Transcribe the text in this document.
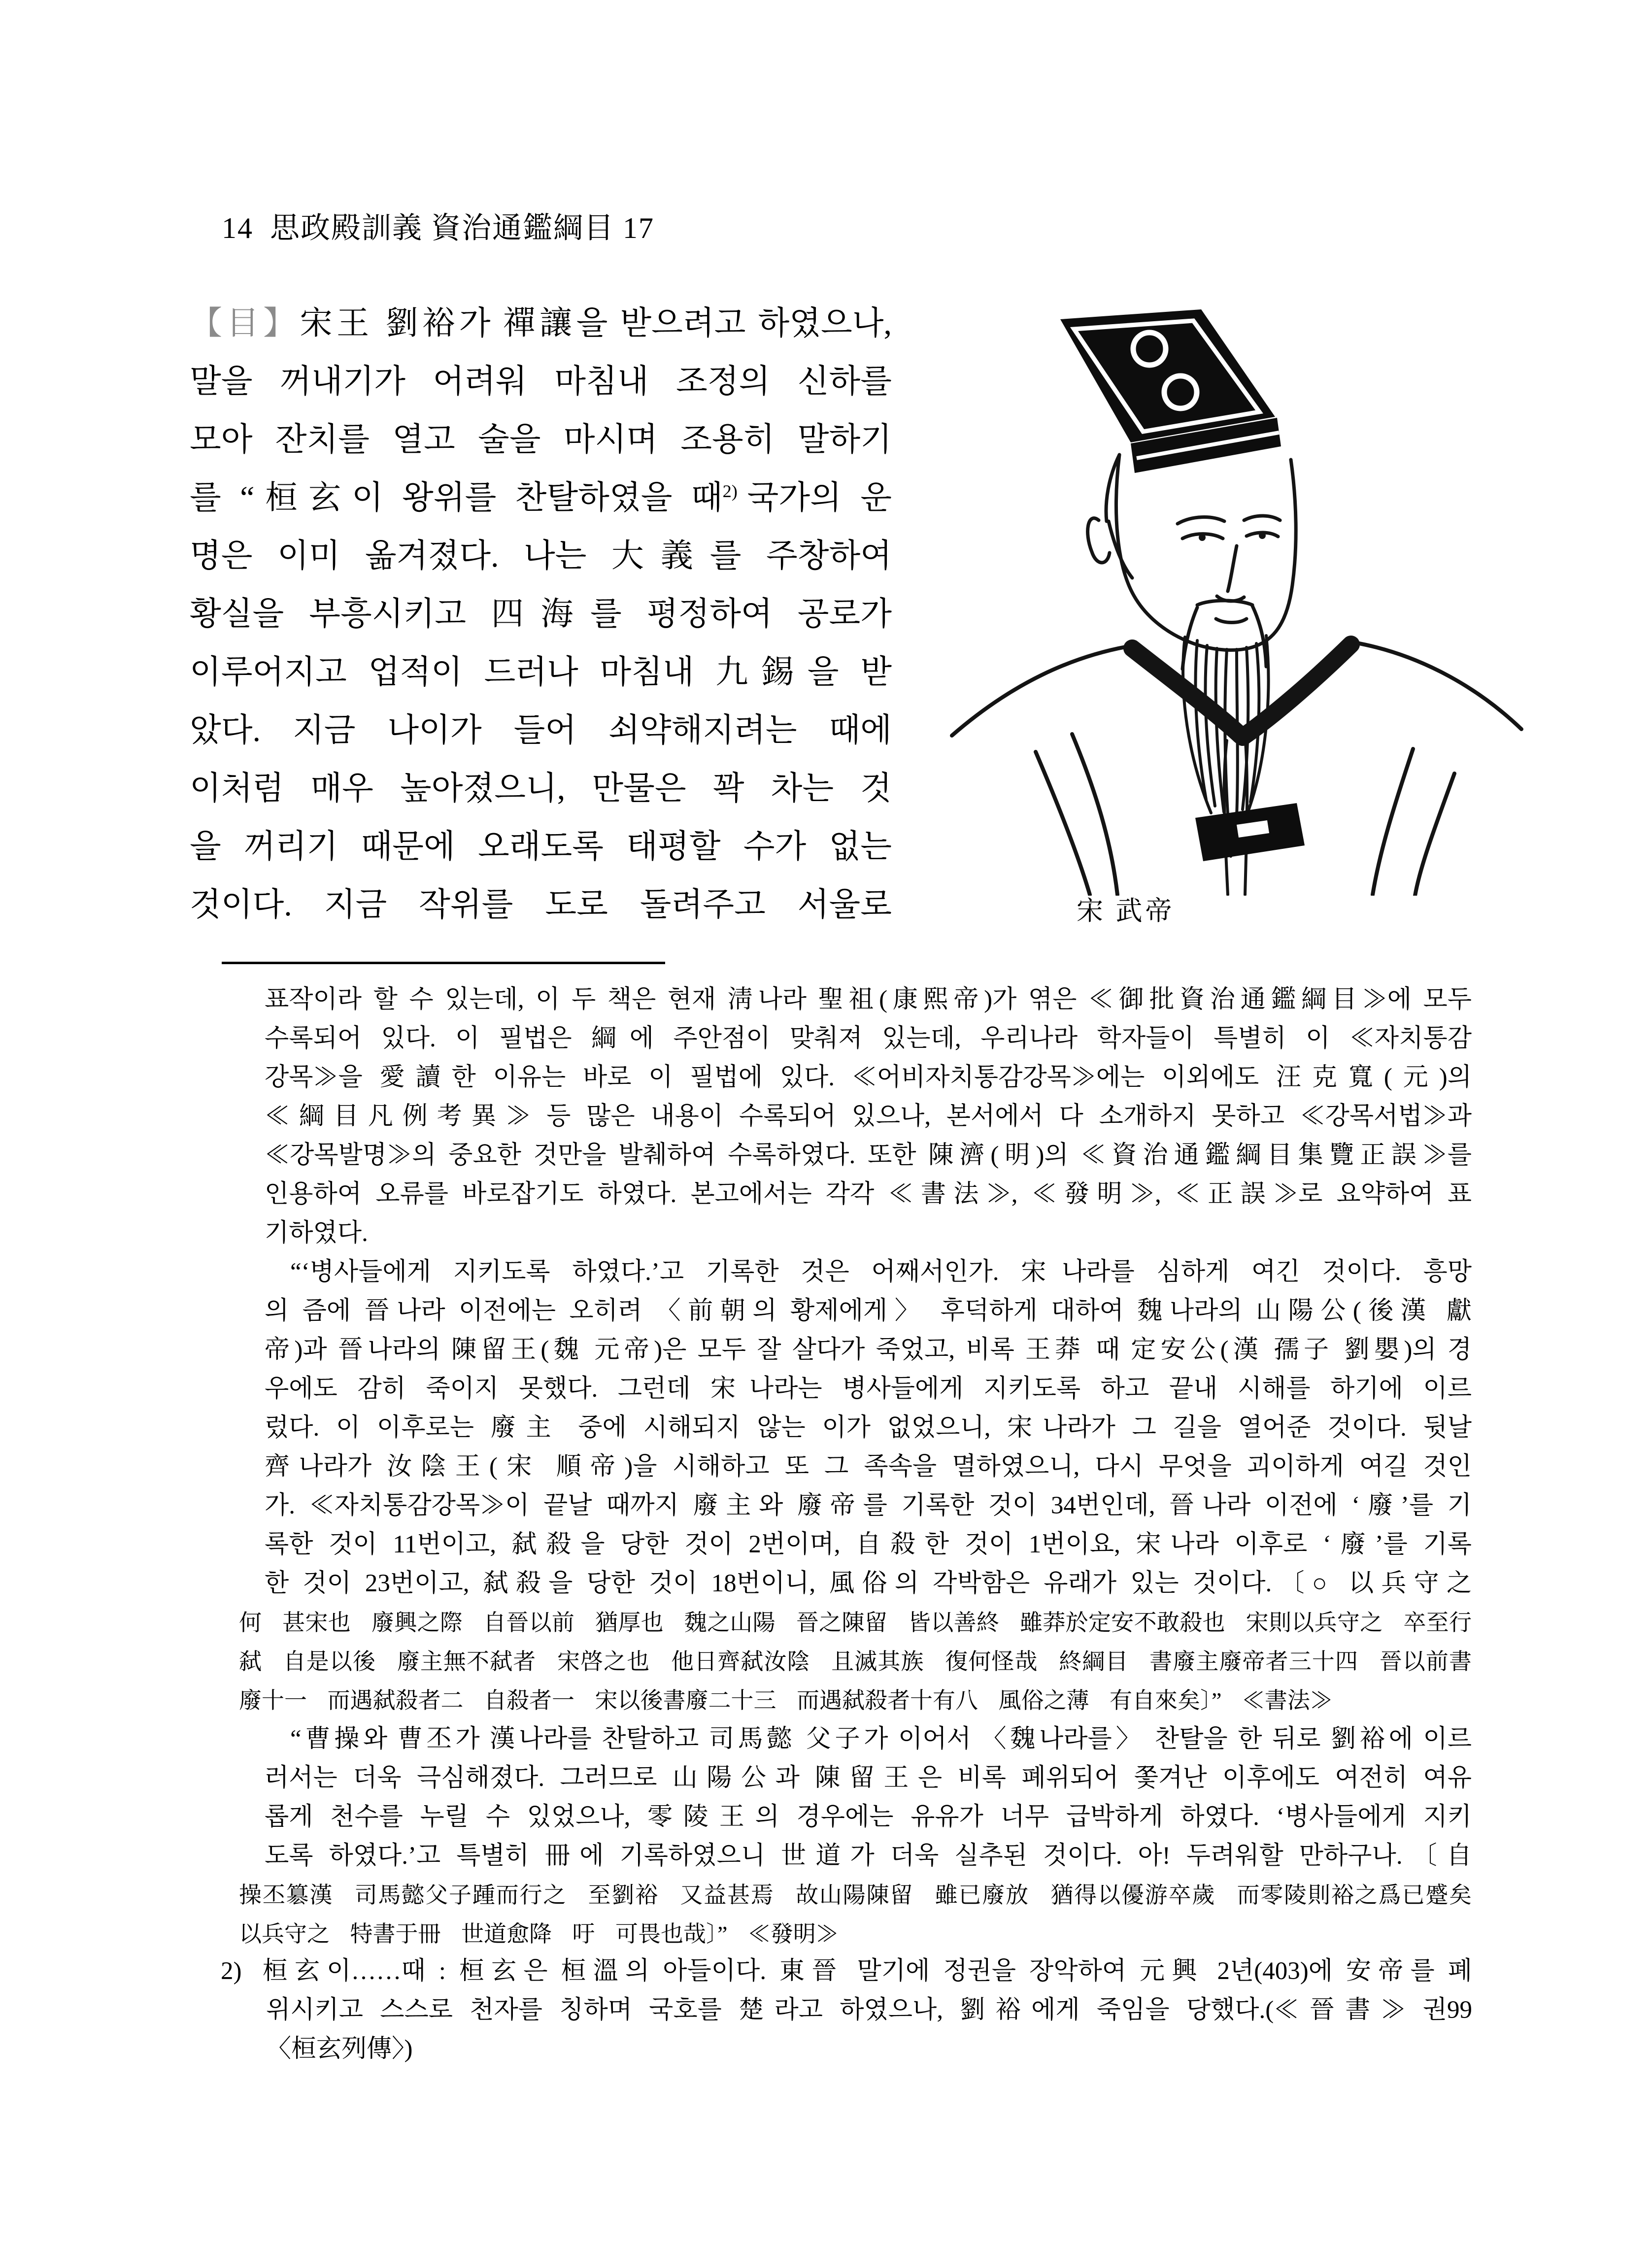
14  思政殿訓義 資治通鑑綱目 17
【目】宋王 劉裕가 禪讓을 받으려고 하였으나,
말을 꺼내기가 어려워 마침내 조정의 신하를
모아 잔치를 열고 술을 마시며 조용히 말하기
를 “桓玄이 왕위를 찬탈하였을 때$^{2)}$ 국가의 운
명은 이미 옮겨졌다. 나는 大義를 주창하여
황실을 부흥시키고 四海를 평정하여 공로가
이루어지고 업적이 드러나 마침내 九錫을 받
았다. 지금 나이가 들어 쇠약해지려는 때에
이처럼 매우 높아졌으니, 만물은 꽉 차는 것
을 꺼리기 때문에 오래도록 태평할 수가 없는
것이다. 지금 작위를 도로 돌려주고 서울로	宋 武帝
표작이라 할 수 있는데, 이 두 책은 현재 淸나라 聖祖(康熙帝)가 엮은 ≪御批資治通鑑綱目≫에 모두
수록되어 있다. 이 필법은 綱에 주안점이 맞춰져 있는데, 우리나라 학자들이 특별히 이 ≪자치통감
강목≫을 愛讀한 이유는 바로 이 필법에 있다. ≪어비자치통감강목≫에는 이외에도 汪克寬(元)의
≪綱目凡例考異≫ 등 많은 내용이 수록되어 있으나, 본서에서 다 소개하지 못하고 ≪강목서법≫과
≪강목발명≫의 중요한 것만을 발췌하여 수록하였다. 또한 陳濟(明)의 ≪資治通鑑綱目集覽正誤≫를
인용하여 오류를 바로잡기도 하였다. 본고에서는 각각 ≪書法≫, ≪發明≫, ≪正誤≫로 요약하여 표
기하였다.
“‘병사들에게 지키도록 하였다.’고 기록한 것은 어째서인가. 宋나라를 심하게 여긴 것이다. 흥망
의 즘에 晉나라 이전에는 오히려 〈前朝의 황제에게〉 후덕하게 대하여 魏나라의 山陽公(後漢 獻
帝)과 晉나라의 陳留王(魏 元帝)은 모두 잘 살다가 죽었고, 비록 王莽 때 定安公(漢 孺子 劉嬰)의 경
우에도 감히 죽이지 못했다. 그런데 宋나라는 병사들에게 지키도록 하고 끝내 시해를 하기에 이르
렀다. 이 이후로는 廢主 중에 시해되지 않는 이가 없었으니, 宋나라가 그 길을 열어준 것이다. 뒷날
齊나라가 汝陰王(宋 順帝)을 시해하고 또 그 족속을 멸하였으니, 다시 무엇을 괴이하게 여길 것인
가. ≪자치통감강목≫이 끝날 때까지 廢主와 廢帝를 기록한 것이 34번인데, 晉나라 이전에 ‘廢’를 기
록한 것이 11번이고, 弑殺을 당한 것이 2번이며, 自殺한 것이 1번이요, 宋나라 이후로 ‘廢’를 기록
한 것이 23번이고, 弑殺을 당한 것이 18번이니, 風俗의 각박함은 유래가 있는 것이다.〔○ 以兵守之
何 甚宋也 廢興之際 自晉以前 猶厚也 魏之山陽 晉之陳留 皆以善終 雖莽於定安不敢殺也 宋則以兵守之 卒至行
弑 自是以後 廢主無不弑者 宋啓之也 他日齊弑汝陰 且滅其族 復何怪哉 終綱目 書廢主廢帝者三十四 晉以前書
廢十一 而遇弑殺者二 自殺者一 宋以後書廢二十三 而遇弑殺者十有八 風俗之薄 有自來矣〕” ≪書法≫
“曹操와 曹丕가 漢나라를 찬탈하고 司馬懿 父子가 이어서 〈魏나라를〉 찬탈을 한 뒤로 劉裕에 이르
러서는 더욱 극심해졌다. 그러므로 山陽公과 陳留王은 비록 폐위되어 쫓겨난 이후에도 여전히 여유
롭게 천수를 누릴 수 있었으나, 零陵王의 경우에는 유유가 너무 급박하게 하였다. ‘병사들에게 지키
도록 하였다.’고 특별히 冊에 기록하였으니 世道가 더욱 실추된 것이다. 아! 두려워할 만하구나.〔自
操丕簒漢 司馬懿父子踵而行之 至劉裕 又益甚焉 故山陽陳留 雖已廢放 猶得以優游卒歲 而零陵則裕之爲已蹙矣
以兵守之 特書于冊 世道愈降 吁 可畏也哉〕” ≪發明≫
2) 桓玄이……때 : 桓玄은 桓溫의 아들이다. 東晉 말기에 정권을 장악하여 元興 2년(403)에 安帝를 폐
위시키고 스스로 천자를 칭하며 국호를 楚라고 하였으나, 劉裕에게 죽임을 당했다.(≪晉書≫ 권99
〈桓玄列傳〉)
